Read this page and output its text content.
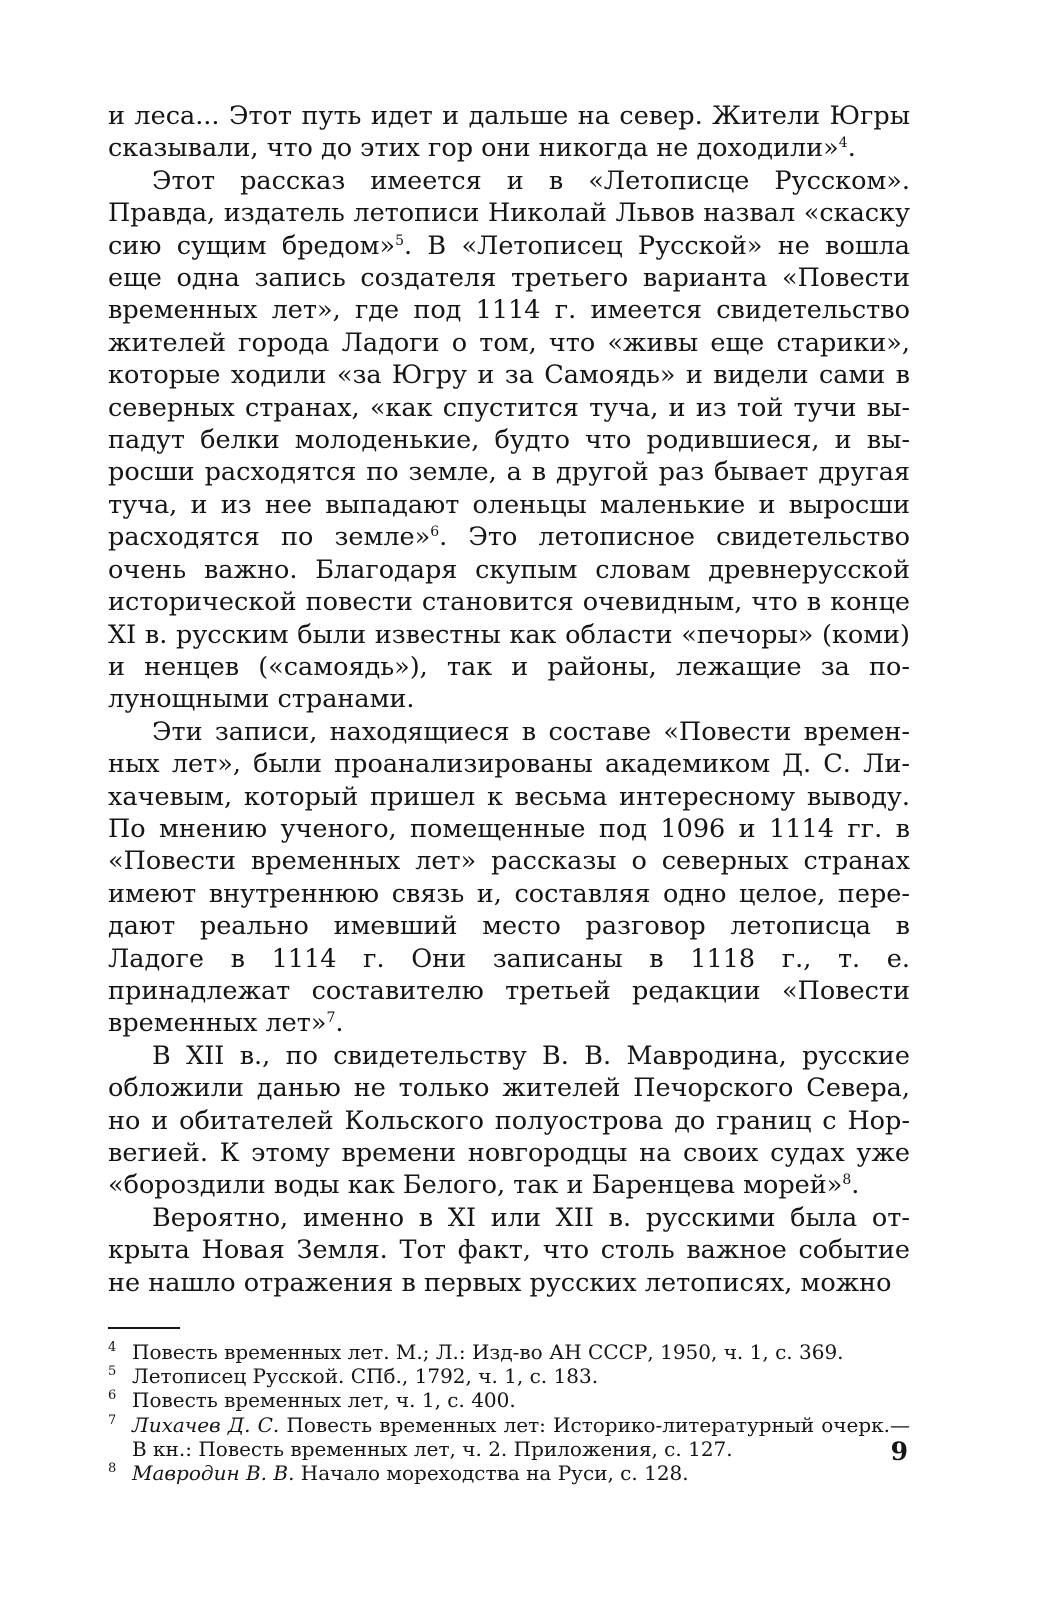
и леса... Этот путь идет и дальше на север. Жители Югры сказывали, что до этих гор они никогда не доходили»$^4$.

Этот рассказ имеется и в «Летописце Русском». Правда, издатель летописи Николай Львов назвал «скаску сию сущим бредом»$^5$. В «Летописец Русской» не вошла еще одна запись создателя третьего варианта «Повести временных лет», где под 1114 г. имеется свидетельство жителей города Ладоги о том, что «живы еще старики», которые ходили «за Югру и за Самоядь» и видели сами в северных странах, «как спустится туча, и из той тучи выпадут белки молоденькие, будто что родившиеся, и выросши расходятся по земле, а в другой раз бывает другая туча, и из нее выпадают оленьцы маленькие и выросши расходятся по земле»$^6$. Это летописное свидетельство очень важно. Благодаря скупым словам древнерусской исторической повести становится очевидным, что в конце XI в. русским были известны как области «печоры» (коми) и ненцев («самоядь»), так и районы, лежащие за полунощными странами.

Эти записи, находящиеся в составе «Повести временных лет», были проанализированы академиком Д. С. Лихачевым, который пришел к весьма интересному выводу. По мнению ученого, помещенные под 1096 и 1114 гг. в «Повести временных лет» рассказы о северных странах имеют внутреннюю связь и, составляя одно целое, передают реально имевший место разговор летописца в Ладоге в 1114 г. Они записаны в 1118 г., т. е. принадлежат составителю третьей редакции «Повести временных лет»$^7$.

В XII в., по свидетельству В. В. Мавродина, русские обложили данью не только жителей Печорского Севера, но и обитателей Кольского полуострова до границ с Норвегией. К этому времени новгородцы на своих судах уже «бороздили воды как Белого, так и Баренцева морей»$^8$.

Вероятно, именно в XI или XII в. русскими была открыта Новая Земля. Тот факт, что столь важное событие не нашло отражения в первых русских летописях, можно

4 Повесть временных лет. М.; Л.: Изд-во АН СССР, 1950, ч. 1, с. 369.
5 Летописец Русской. СПб., 1792, ч. 1, с. 183.
6 Повесть временных лет, ч. 1, с. 400.
7 Лихачев Д. С. Повесть временных лет: Историко-литературный очерк.— В кн.: Повесть временных лет, ч. 2. Приложения, с. 127.
8 Мавродин В. В. Начало мореходства на Руси, с. 128.
9
